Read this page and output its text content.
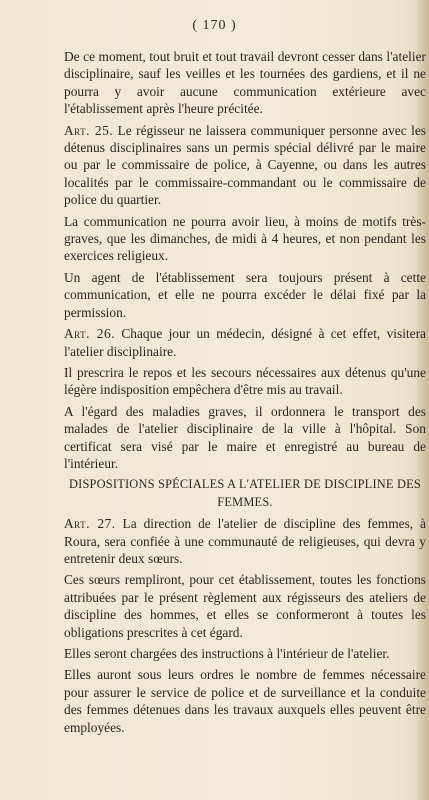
( 170 )

De ce moment, tout bruit et tout travail devront cesser dans l'atelier disciplinaire, sauf les veilles et les tournées des gardiens, et il ne pourra y avoir aucune communication extérieure avec l'établissement après l'heure précitée.

Art. 25. Le régisseur ne laissera communiquer personne avec les détenus disciplinaires sans un permis spécial délivré par le maire ou par le commissaire de police, à Cayenne, ou dans les autres localités par le commissaire-commandant ou le commissaire de police du quartier.

La communication ne pourra avoir lieu, à moins de motifs très-graves, que les dimanches, de midi à 4 heures, et non pendant les exercices religieux.

Un agent de l'établissement sera toujours présent à cette communication, et elle ne pourra excéder le délai fixé par la permission.

Art. 26. Chaque jour un médecin, désigné à cet effet, visitera l'atelier disciplinaire.

Il prescrira le repos et les secours nécessaires aux détenus qu'une légère indisposition empêchera d'être mis au travail.

A l'égard des maladies graves, il ordonnera le transport des malades de l'atelier disciplinaire de la ville à l'hôpital. Son certificat sera visé par le maire et enregistré au bureau de l'intérieur.

DISPOSITIONS SPÉCIALES A L'ATELIER DE DISCIPLINE DES FEMMES.

Art. 27. La direction de l'atelier de discipline des femmes, à Roura, sera confiée à une communauté de religieuses, qui devra y entretenir deux sœurs.

Ces sœurs rempliront, pour cet établissement, toutes les fonctions attribuées par le présent règlement aux régisseurs des ateliers de discipline des hommes, et elles se conformeront à toutes les obligations prescrites à cet égard.

Elles seront chargées des instructions à l'intérieur de l'atelier.

Elles auront sous leurs ordres le nombre de femmes nécessaire pour assurer le service de police et de surveillance et la conduite des femmes détenues dans les travaux auxquels elles peuvent être employées.
